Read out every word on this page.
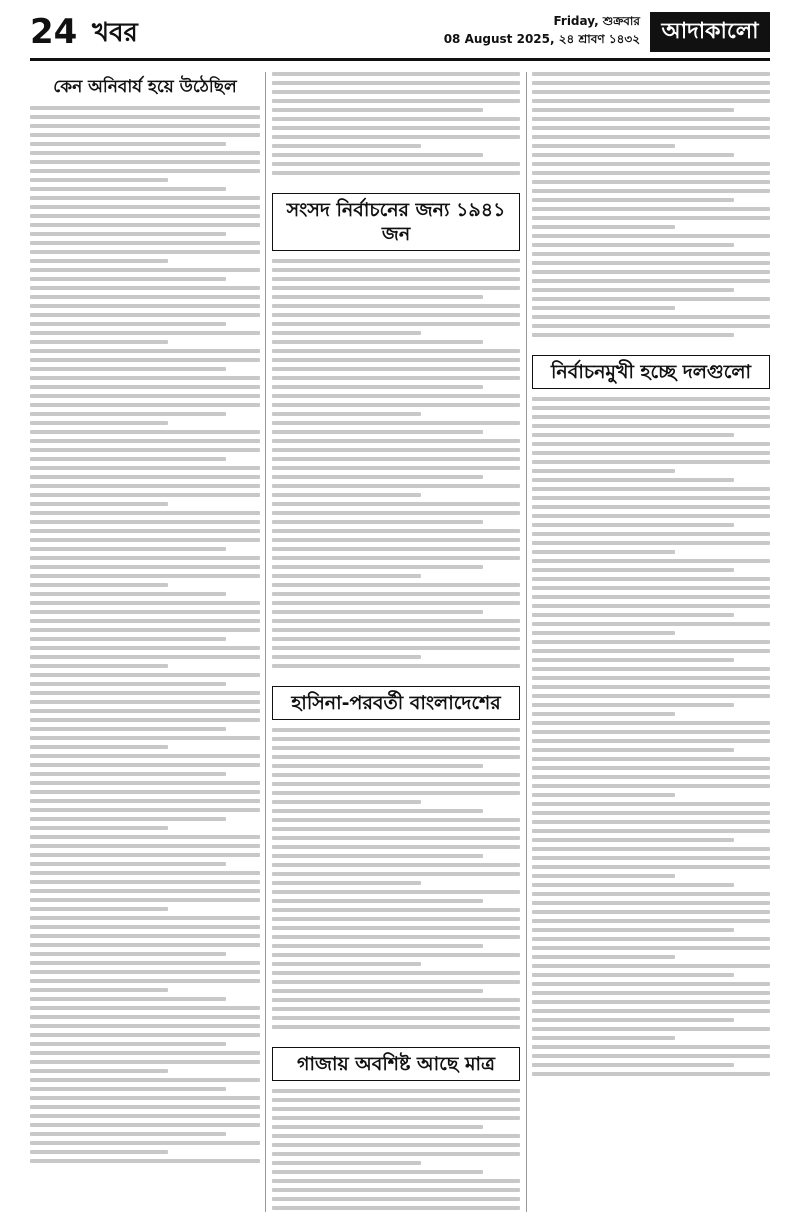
24 খবর	Friday, শুক্রবার
08 August 2025, ২৪ শ্রাবণ ১৪৩২ আদাকালো
কেন অনিবার্য হয়ে উঠেছিল
সংসদ নির্বাচনের জন্য ১৯৪১ জন
হাসিনা-পরবর্তী বাংলাদেশের
গাজায় অবশিষ্ট আছে মাত্র
নির্বাচনমুখী হচ্ছে দলগুলো
